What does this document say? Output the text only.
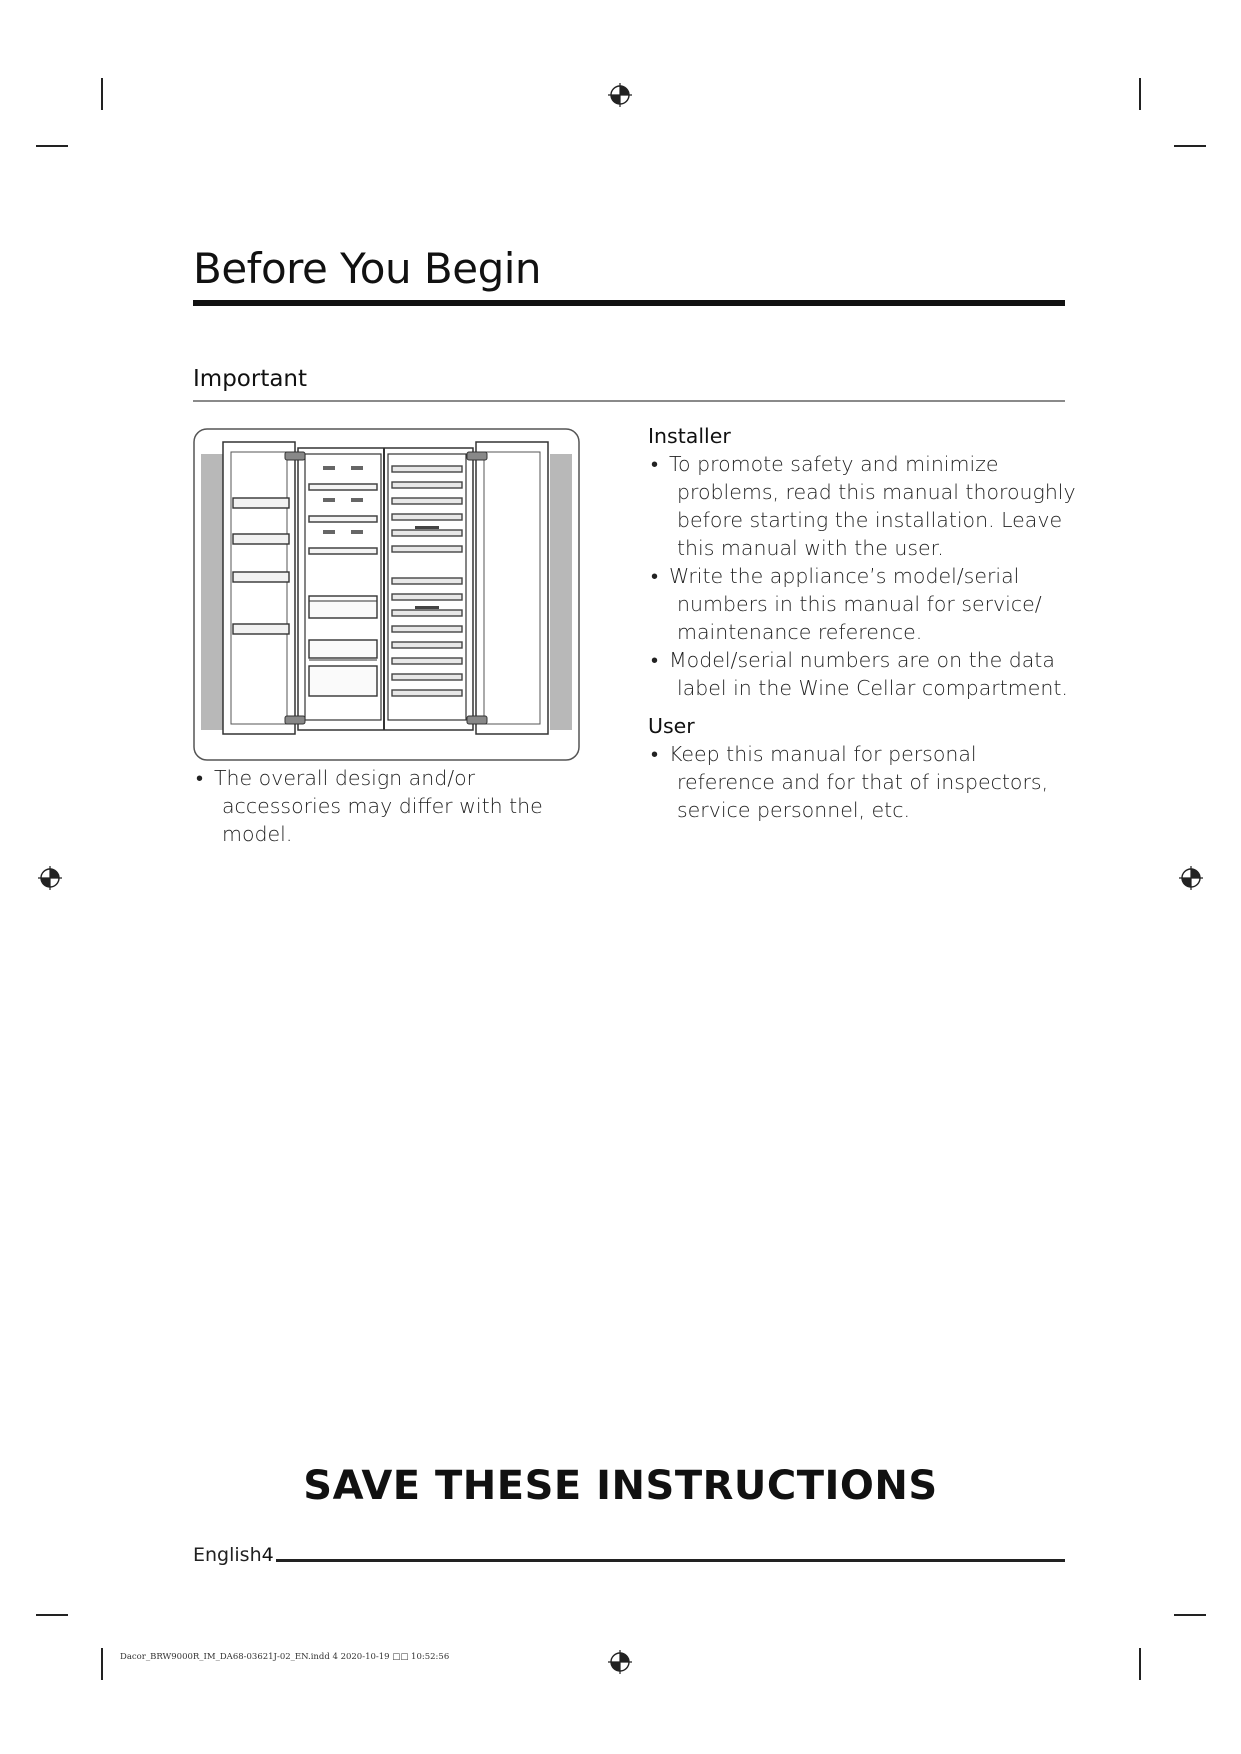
Before You Begin
Important
• The overall design and/or accessories may differ with the model.
Installer
• To promote safety and minimize problems, read this manual thoroughly before starting the installation. Leave this manual with the user.
• Write the appliance’s model/serial numbers in this manual for service/ maintenance reference.
• Model/serial numbers are on the data label in the Wine Cellar compartment.
User
• Keep this manual for personal reference and for that of inspectors, service personnel, etc.
SAVE THESE INSTRUCTIONS
English4
Dacor_BRW9000R_IM_DA68-03621J-02_EN.indd 4 2020-10-19 □□ 10:52:56
